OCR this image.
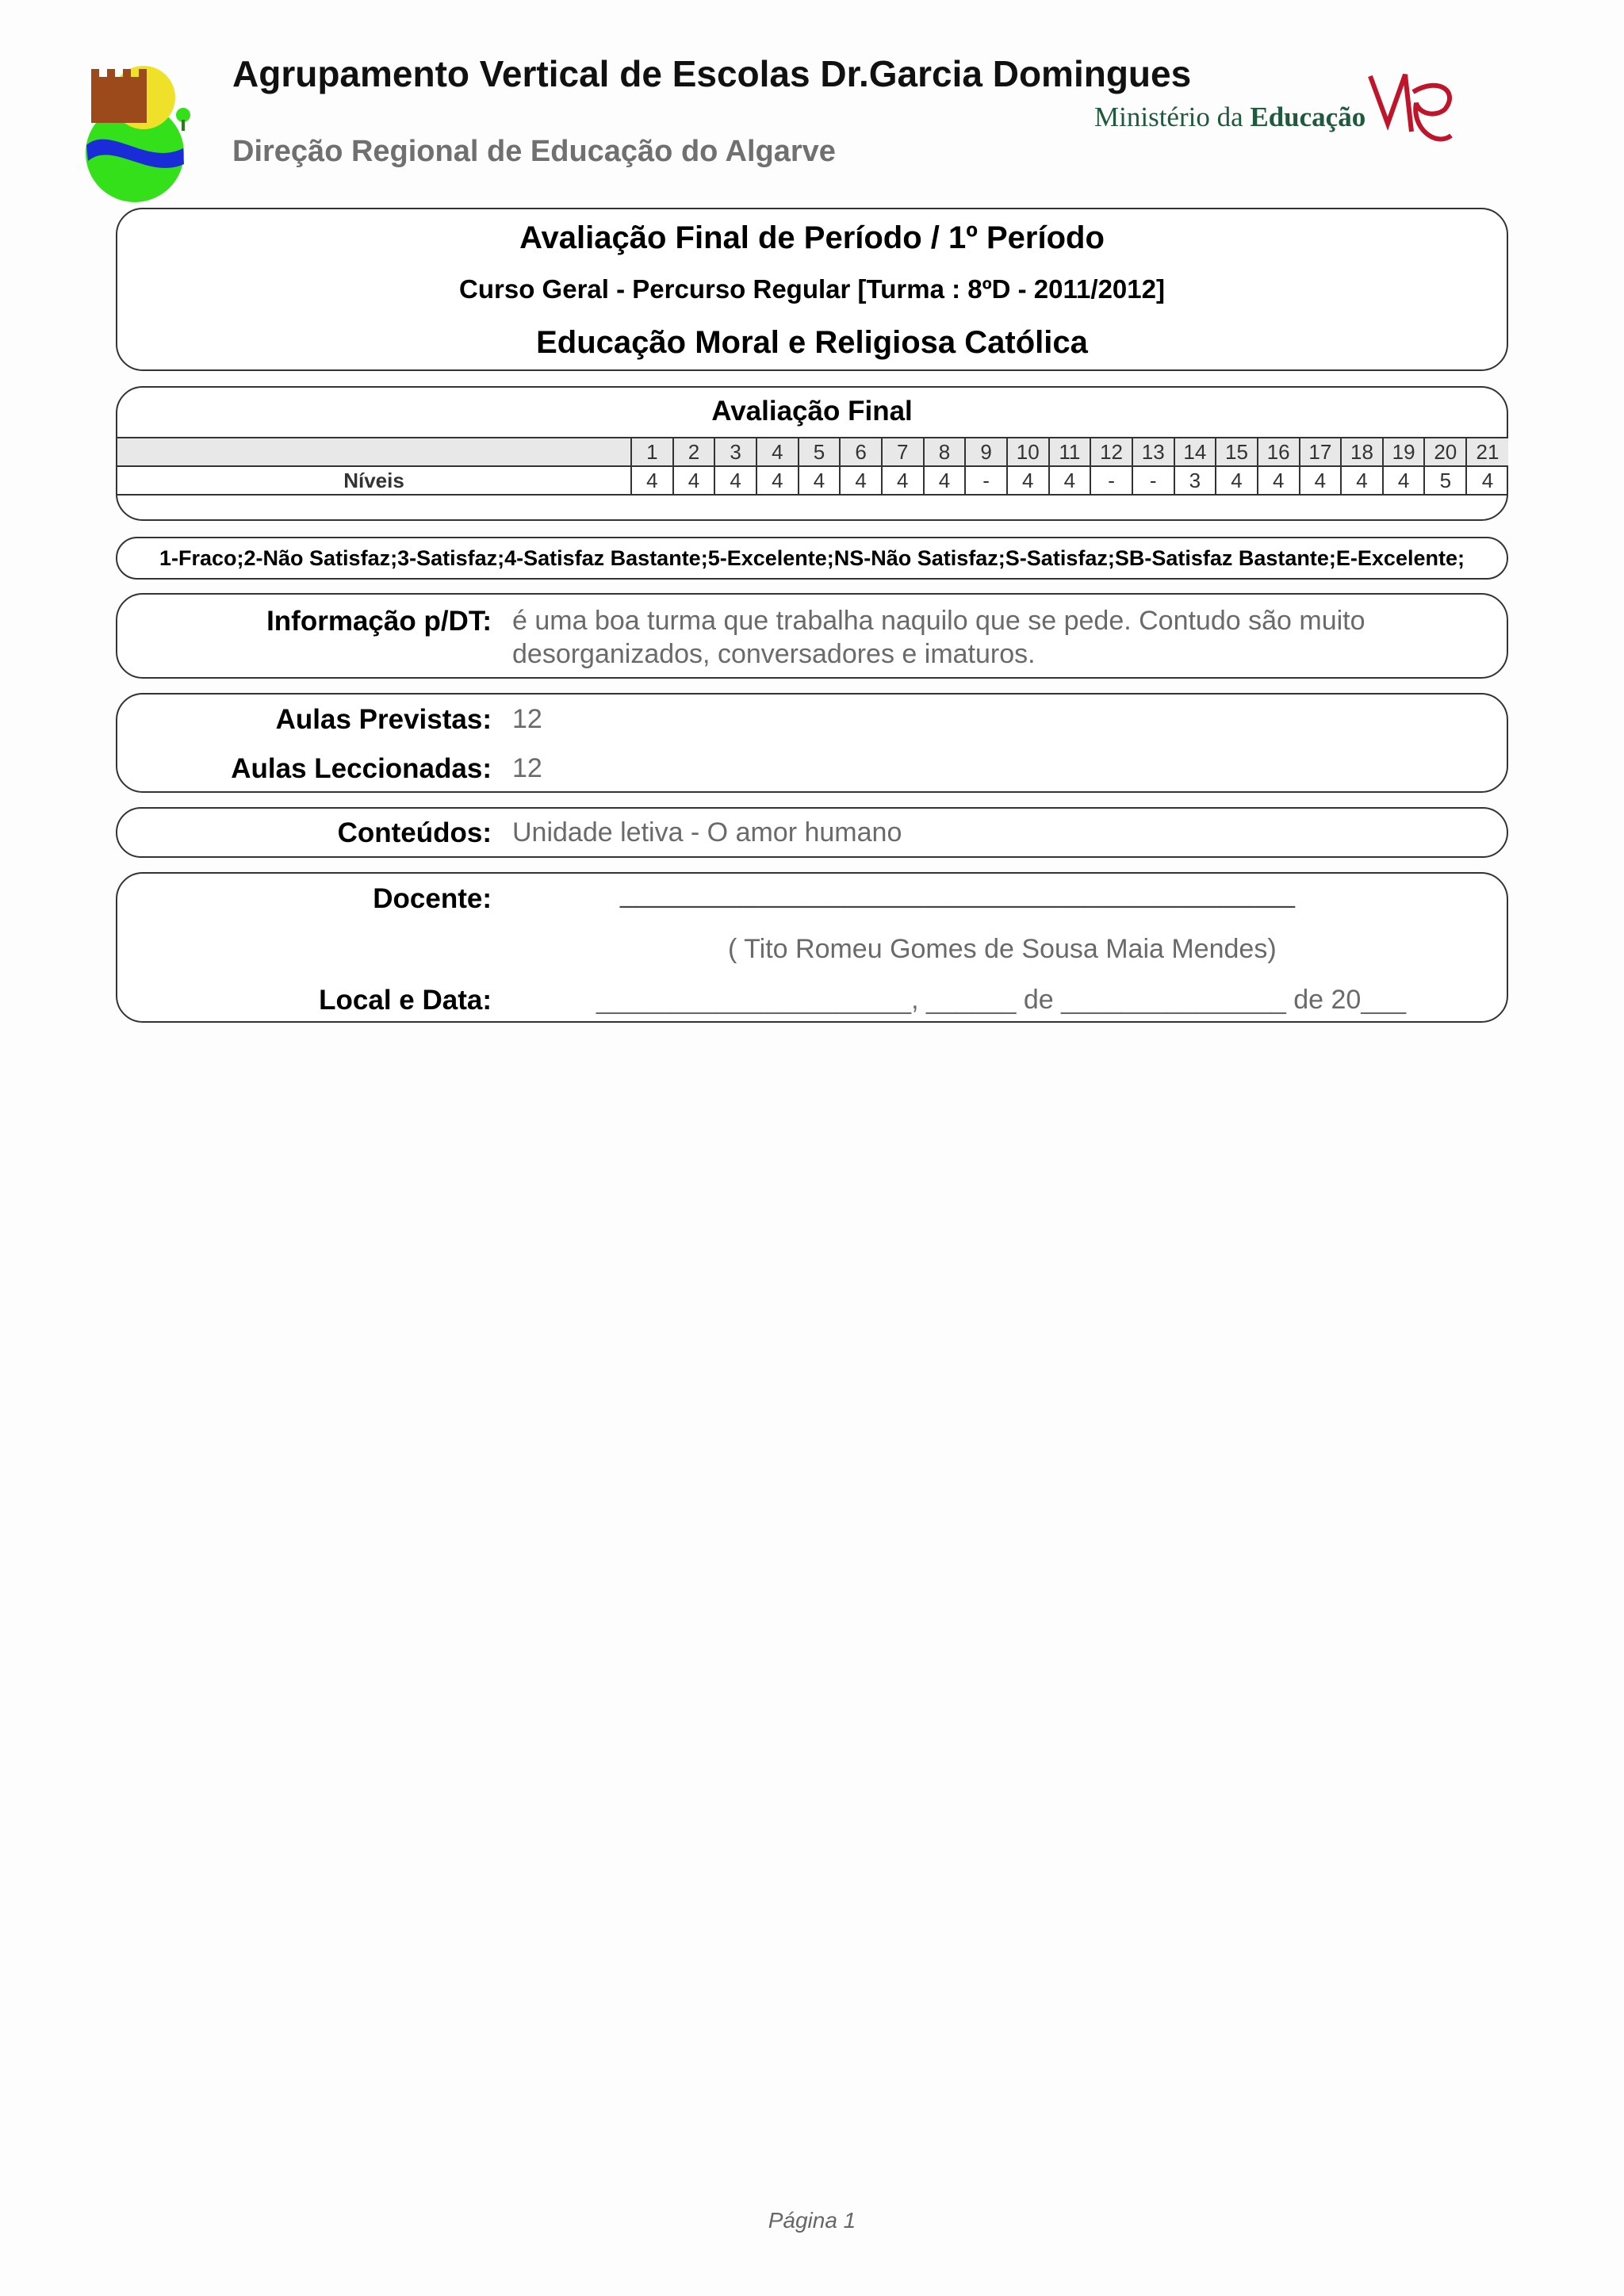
Agrupamento Vertical de Escolas Dr.Garcia Domingues
Direção Regional de Educação do Algarve
Ministério da Educação
Avaliação Final de Período / 1º Período
Curso Geral - Percurso Regular [Turma : 8ºD - 2011/2012]
Educação Moral e Religiosa Católica
Avaliação Final
	1	2	3	4	5	6	7	8	9	10	11	12	13	14	15	16	17	18	19	20	21
Níveis	4	4	4	4	4	4	4	4	-	4	4	-	-	3	4	4	4	4	4	5	4
1-Fraco;2-Não Satisfaz;3-Satisfaz;4-Satisfaz Bastante;5-Excelente;NS-Não Satisfaz;S-Satisfaz;SB-Satisfaz Bastante;E-Excelente;
Informação p/DT: é uma boa turma que trabalha naquilo que se pede. Contudo são muito
desorganizados, conversadores e imaturos.
Aulas Previstas: 12
Aulas Leccionadas: 12
Conteúdos: Unidade letiva - O amor humano
Docente:	_____________________________________________
( Tito Romeu Gomes de Sousa Maia Mendes)
Local e Data:	_____________________, ______ de _______________ de 20___
Página 1
